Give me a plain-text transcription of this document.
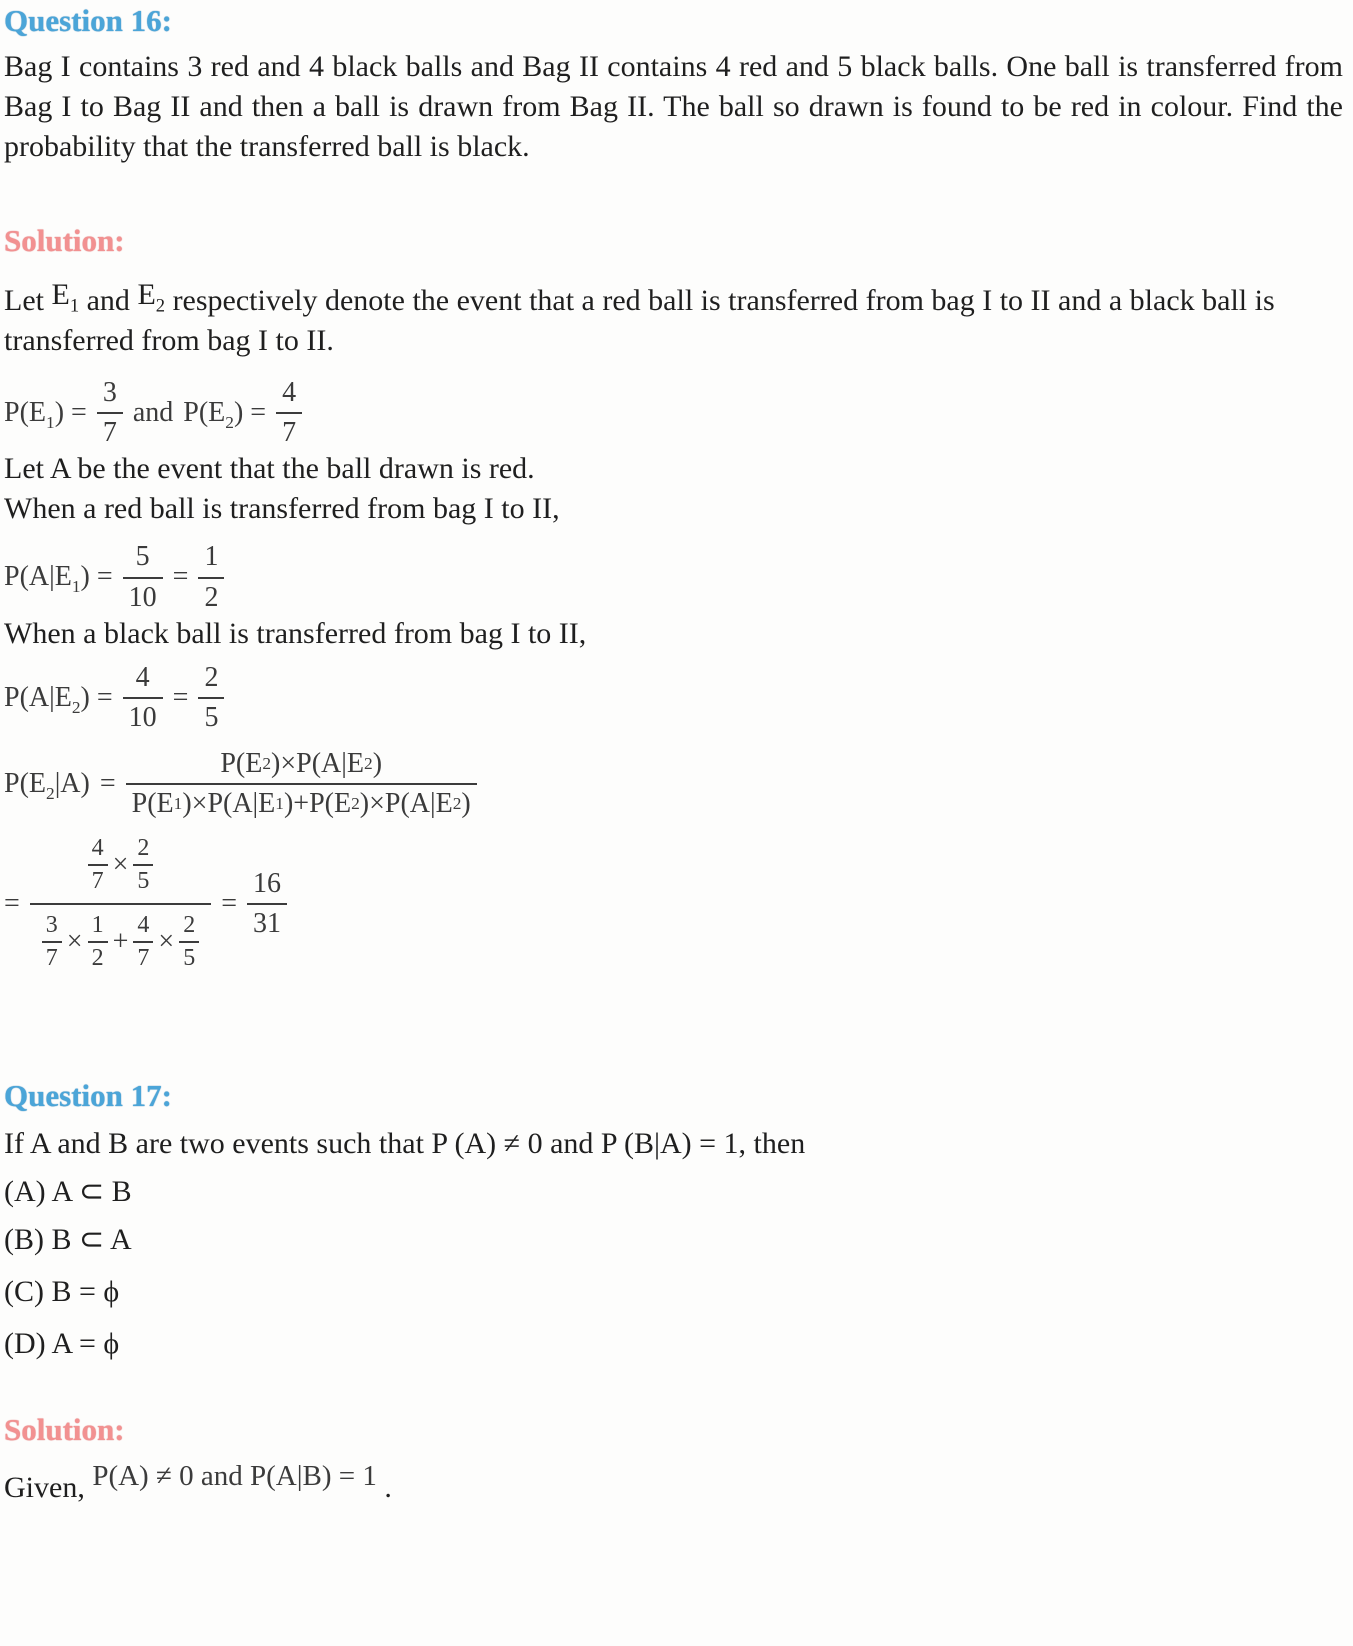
Question 16:

Bag I contains 3 red and 4 black balls and Bag II contains 4 red and 5 black balls. One ball is transferred from Bag I to Bag II and then a ball is drawn from Bag II. The ball so drawn is found to be red in colour. Find the probability that the transferred ball is black.

Solution:

Let $E_1$ and $E_2$ respectively denote the event that a red ball is transferred from bag I to II and a black ball is transferred from bag I to II.

$P(E_1) = \frac{3}{7}$ and $P(E_2) = \frac{4}{7}$

Let A be the event that the ball drawn is red.
When a red ball is transferred from bag I to II,

$P(A|E_1) = \frac{5}{10} = \frac{1}{2}$

When a black ball is transferred from bag I to II,

$P(A|E_2) = \frac{4}{10} = \frac{2}{5}$
$P(E_2|A) = \frac{P(E 2 )\times P(A|E 2 )}{P(E 1 )\times P(A|E 1 )+P(E 2 )\times P(A|E 2 )}$
=
$\frac{4}{7} \times \frac{2}{5}$
$\frac{3}{7} \times \frac{1}{2} + \frac{4}{7} \times \frac{2}{5}$
= $\frac{16}{31}$
Question 17:

If A and B are two events such that P (A) ≠ 0 and P (B|A) = 1, then

(A) A ⊂ B
(B) B ⊂ A
(C) B = ϕ
(D) A = ϕ
Solution:

Given, P(A) ≠ 0 and P(A|B) = 1 .
